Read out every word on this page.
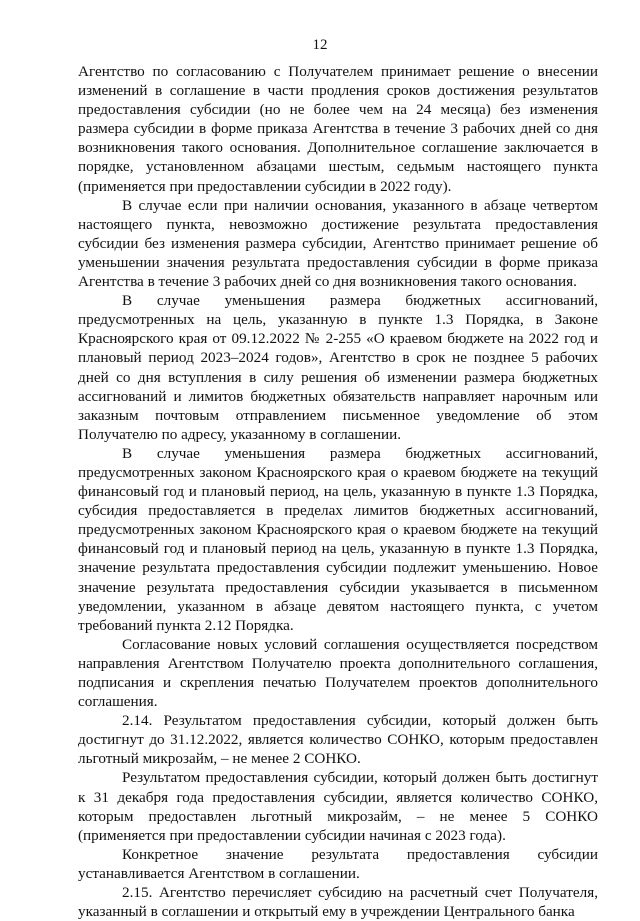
12

Агентство по согласованию с Получателем принимает решение о внесении изменений в соглашение в части продления сроков достижения результатов предоставления субсидии (но не более чем на 24 месяца) без изменения размера субсидии в форме приказа Агентства в течение 3 рабочих дней со дня возникновения такого основания. Дополнительное соглашение заключается в порядке, установленном абзацами шестым, седьмым настоящего пункта (применяется при предоставлении субсидии в 2022 году).

В случае если при наличии основания, указанного в абзаце четвертом настоящего пункта, невозможно достижение результата предоставления субсидии без изменения размера субсидии, Агентство принимает решение об уменьшении значения результата предоставления субсидии в форме приказа Агентства в течение 3 рабочих дней со дня возникновения такого основания.

В случае уменьшения размера бюджетных ассигнований, предусмотренных на цель, указанную в пункте 1.3 Порядка, в Законе Красноярского края от 09.12.2022 № 2-255 «О краевом бюджете на 2022 год и плановый период 2023–2024 годов», Агентство в срок не позднее 5 рабочих дней со дня вступления в силу решения об изменении размера бюджетных ассигнований и лимитов бюджетных обязательств направляет нарочным или заказным почтовым отправлением письменное уведомление об этом Получателю по адресу, указанному в соглашении.

В случае уменьшения размера бюджетных ассигнований, предусмотренных законом Красноярского края о краевом бюджете на текущий финансовый год и плановый период, на цель, указанную в пункте 1.3 Порядка, субсидия предоставляется в пределах лимитов бюджетных ассигнований, предусмотренных законом Красноярского края о краевом бюджете на текущий финансовый год и плановый период на цель, указанную в пункте 1.3 Порядка, значение результата предоставления субсидии подлежит уменьшению. Новое значение результата предоставления субсидии указывается в письменном уведомлении, указанном в абзаце девятом настоящего пункта, с учетом требований пункта 2.12 Порядка.

Согласование новых условий соглашения осуществляется посредством направления Агентством Получателю проекта дополнительного соглашения, подписания и скрепления печатью Получателем проектов дополнительного соглашения.

2.14. Результатом предоставления субсидии, который должен быть достигнут до 31.12.2022, является количество СОНКО, которым предоставлен льготный микрозайм, – не менее 2 СОНКО.

Результатом предоставления субсидии, который должен быть достигнут к 31 декабря года предоставления субсидии, является количество СОНКО, которым предоставлен льготный микрозайм, – не менее 5 СОНКО (применяется при предоставлении субсидии начиная с 2023 года).

Конкретное значение результата предоставления субсидии устанавливается Агентством в соглашении.

2.15. Агентство перечисляет субсидию на расчетный счет Получателя, указанный в соглашении и открытый ему в учреждении Центрального банка
